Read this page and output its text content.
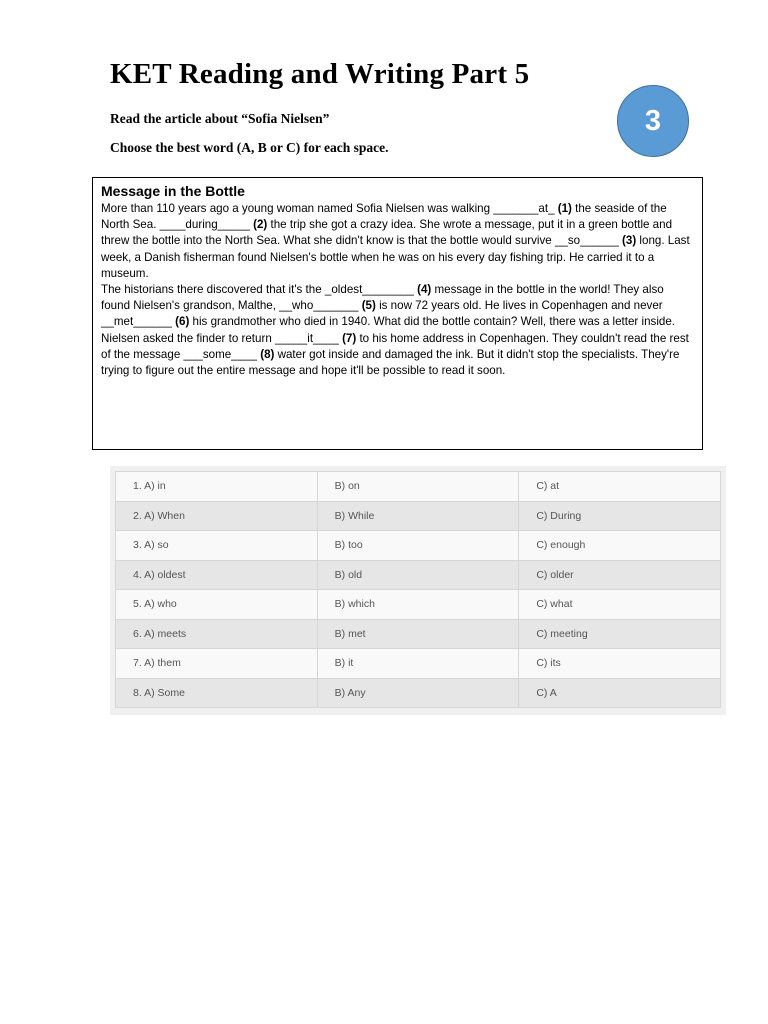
KET Reading and Writing Part 5
Read the article about “Sofia Nielsen”
Choose the best word (A, B or C) for each space.
3
Message in the Bottle

More than 110 years ago a young woman named Sofia Nielsen was walking _______at_ (1) the seaside of the North Sea. ____during_____ (2) the trip she got a crazy idea. She wrote a message, put it in a green bottle and threw the bottle into the North Sea. What she didn't know is that the bottle would survive __so______ (3) long. Last week, a Danish fisherman found Nielsen's bottle when he was on his every day fishing trip. He carried it to a museum.

The historians there discovered that it's the _oldest________ (4) message in the bottle in the world! They also found Nielsen's grandson, Malthe, __who_______ (5) is now 72 years old. He lives in Copenhagen and never __met______ (6) his grandmother who died in 1940. What did the bottle contain? Well, there was a letter inside. Nielsen asked the finder to return _____it____ (7) to his home address in Copenhagen. They couldn't read the rest of the message ___some____ (8) water got inside and damaged the ink. But it didn't stop the specialists. They're trying to figure out the entire message and hope it'll be possible to read it soon.

1. A) in	B) on	C) at
2. A) When	B) While	C) During
3. A) so	B) too	C) enough
4. A) oldest	B) old	C) older
5. A) who	B) which	C) what
6. A) meets	B) met	C) meeting
7. A) them	B) it	C) its
8. A) Some	B) Any	C) A
